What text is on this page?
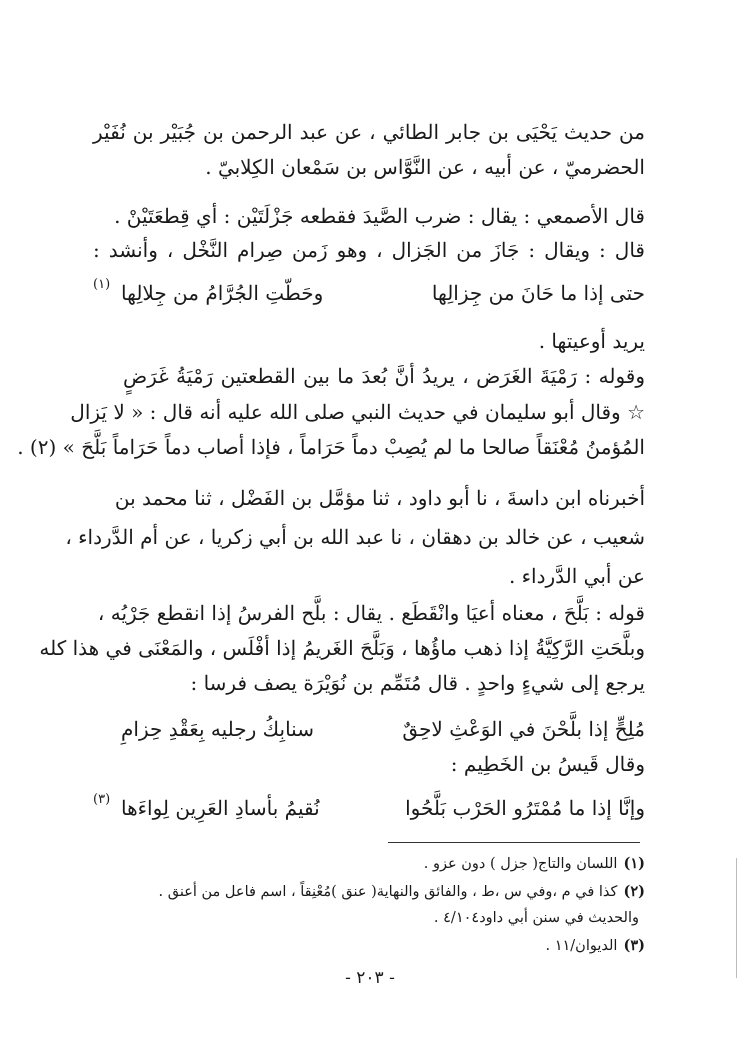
من حديث يَحْيَى بن جابر الطائي ، عن عبد الرحمن بن جُبَيْر بن نُفَيْر
الحضرميّ ، عن أبيه ، عن النَّوَّاس بن سَمْعان الكِلابيّ .
قال الأصمعي : يقال : ضرب الصَّيدَ فقطعه جَزْلَتَيْن : أي قِطعَتَيْنْ .
قال : ويقال : جَازَ من الجَزال ، وهو زَمن صِرام النَّخْل ، وأنشد :
حتى إذا ما حَانَ من جِزالِها
وحَطّتِ الجُرَّامُ من جِلالِها
(١)
يريد أوعيتها .
وقوله : رَمْيَةَ الغَرَض ، يريدُ أنَّ بُعدَ ما بين القطعتين رَمْيَةُ غَرَضٍ
☆ وقال أبو سليمان في حديث النبي صلى الله عليه أنه قال : « لا يَزال
المُؤمنُ مُعْنَقاً صالحا ما لم يُصِبْ دماً حَرَاماً ، فإذا أصاب دماً حَرَاماً بَلَّحَ » (٢) .
أخبرناه ابن داسةَ ، نا أبو داود ، ثنا مؤمَّل بن الفَضْل ، ثنا محمد بن
شعيب ، عن خالد بن دهقان ، نا عبد الله بن أبي زكريا ، عن أم الدَّرداء ،
عن أبي الدَّرداء .
قوله : بَلَّحَ ، معناه أعيَا وانْقَطَع . يقال : بلَّح الفرسُ إذا انقطع جَرْيُه ،
وبلَّحَتِ الرَّكِيَّةُ إذا ذهب ماؤُها ، وَبَلَّحَ الغَريمُ إذا أفْلَس ، والمَعْنَى في هذا كله
يرجع إلى شيءٍ واحدٍ . قال مُتَمِّم بن نُوَيْرَة يصف فرسا :
مُلِحٍّ إذا بلَّحْنَ في الوَعْثِ لاحِقٌ
سنابِكُ رجليه بِعَقْدِ حِزامِ
وقال قَيسُ بن الخَطِيم :
وإنَّا إذا ما مُمْتَرُو الحَرْب بَلَّحُوا
نُقيمُ بأسادِ العَرِين لِواءَها
(٣)
(١)اللسان والتاج( جزل ) دون عزو .
(٢)كذا في م ،وفي س ،ط ، والفائق والنهاية( عنق )مُعْنِقاً ، اسم فاعل من أعنق .
والحديث في سنن أبي داود٤/١٠٤ .
(٣)الديوان/١١ .
- ٢٠٣ -
